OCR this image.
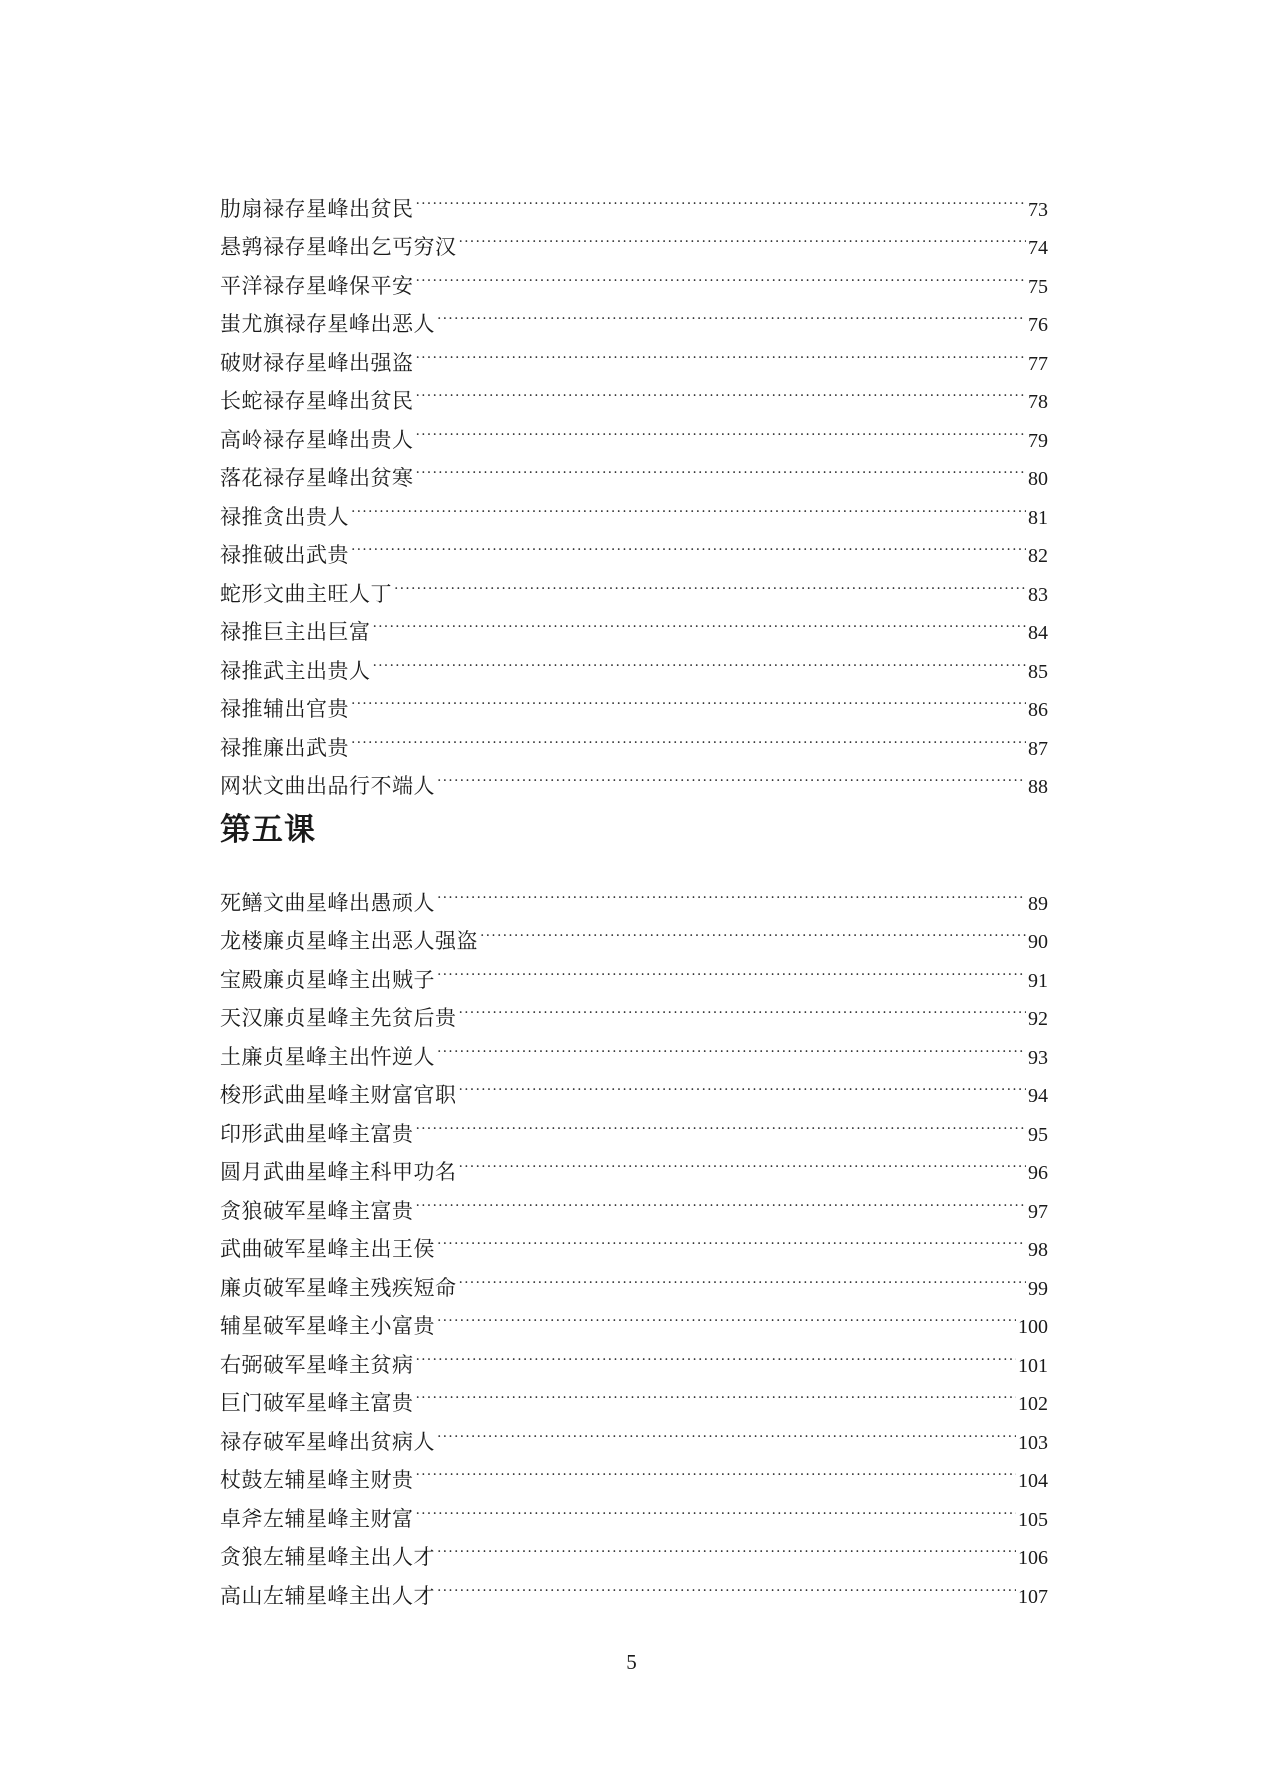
肋扇禄存星峰出贫民 .....	73
悬鹑禄存星峰出乞丐穷汉 .....	74
平洋禄存星峰保平安 .....	75
蚩尤旗禄存星峰出恶人 .....	76
破财禄存星峰出强盗 .....	77
长蛇禄存星峰出贫民 .....	78
高岭禄存星峰出贵人 .....	79
落花禄存星峰出贫寒 .....	80
禄推贪出贵人 .....	81
禄推破出武贵 .....	82
蛇形文曲主旺人丁 .....	83
禄推巨主出巨富 .....	84
禄推武主出贵人 .....	85
禄推辅出官贵 .....	86
禄推廉出武贵 .....	87
网状文曲出品行不端人 .....	88
第五课
死鳝文曲星峰出愚顽人 .....	89
龙楼廉贞星峰主出恶人强盗 .....	90
宝殿廉贞星峰主出贼子 .....	91
天汉廉贞星峰主先贫后贵 .....	92
土廉贞星峰主出忤逆人 .....	93
梭形武曲星峰主财富官职 .....	94
印形武曲星峰主富贵 .....	95
圆月武曲星峰主科甲功名 .....	96
贪狼破军星峰主富贵 .....	97
武曲破军星峰主出王侯 .....	98
廉贞破军星峰主残疾短命 .....	99
辅星破军星峰主小富贵 .....	100
右弼破军星峰主贫病 .....	101
巨门破军星峰主富贵 .....	102
禄存破军星峰出贫病人 .....	103
杖鼓左辅星峰主财贵 .....	104
卓斧左辅星峰主财富 .....	105
贪狼左辅星峰主出人才 .....	106
高山左辅星峰主出人才 .....	107
5
